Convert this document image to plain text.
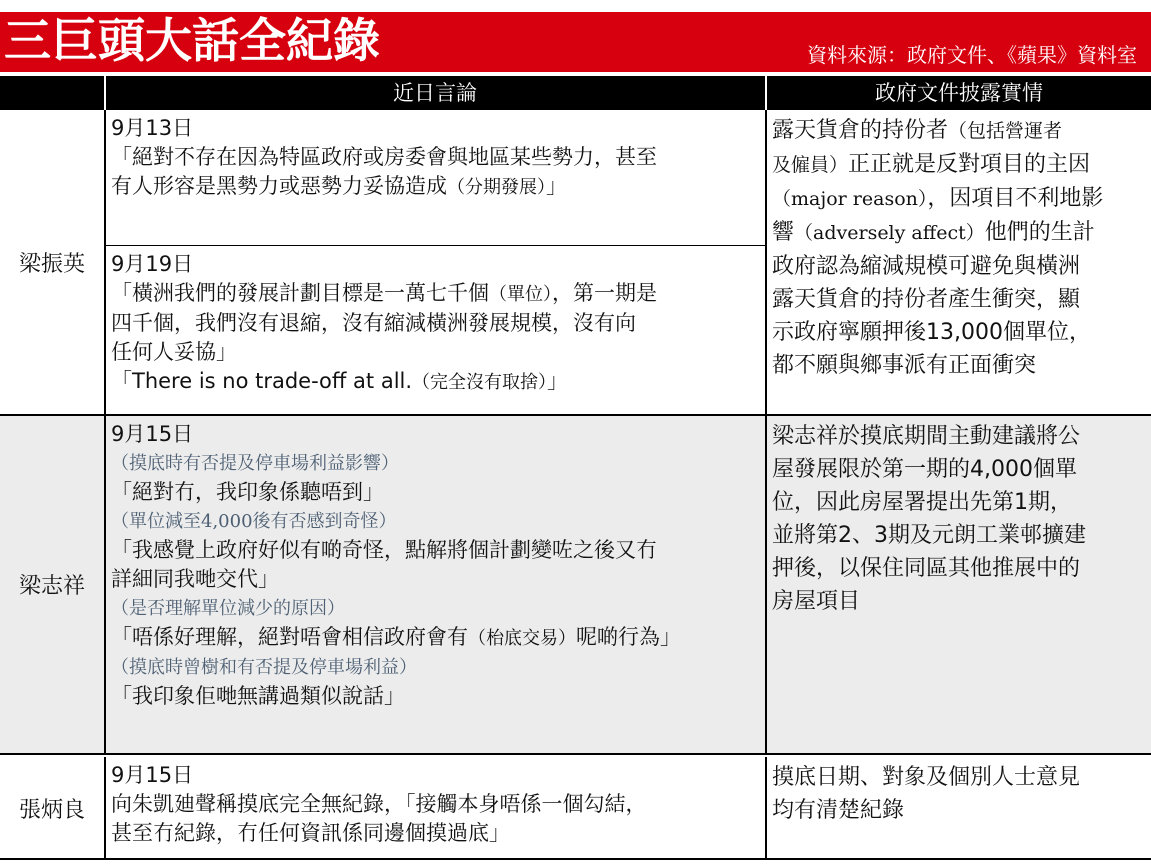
三巨頭大話全紀錄	資料來源：政府文件、《蘋果》資料室
近日言論	政府文件披露實情
梁振英
9月13日
「絕對不存在因為特區政府或房委會與地區某些勢力，甚至
有人形容是黑勢力或惡勢力妥協造成（分期發展）」
9月19日
「橫洲我們的發展計劃目標是一萬七千個（單位），第一期是
四千個，我們沒有退縮，沒有縮減橫洲發展規模，沒有向
任何人妥協」
「There is no trade-off at all.（完全沒有取捨）」
露天貨倉的持份者（包括營運者
及僱員）正正就是反對項目的主因
（major reason），因項目不利地影
響（adversely affect）他們的生計
政府認為縮減規模可避免與橫洲
露天貨倉的持份者產生衝突，顯
示政府寧願押後13,000個單位，
都不願與鄉事派有正面衝突
梁志祥
9月15日
（摸底時有否提及停車場利益影響）
「絕對冇，我印象係聽唔到」
（單位減至4,000後有否感到奇怪）
「我感覺上政府好似有啲奇怪，點解將個計劃變咗之後又冇
詳細同我哋交代」
（是否理解單位減少的原因）
「唔係好理解，絕對唔會相信政府會有（枱底交易）呢啲行為」
（摸底時曾樹和有否提及停車場利益）
「我印象佢哋無講過類似說話」
梁志祥於摸底期間主動建議將公
屋發展限於第一期的4,000個單
位，因此房屋署提出先第1期，
並將第2、3期及元朗工業邨擴建
押後，以保住同區其他推展中的
房屋項目
張炳良
9月15日
向朱凱廸聲稱摸底完全無紀錄，「接觸本身唔係一個勾結，
甚至冇紀錄，冇任何資訊係同邊個摸過底」
摸底日期、對象及個別人士意見
均有清楚紀錄
